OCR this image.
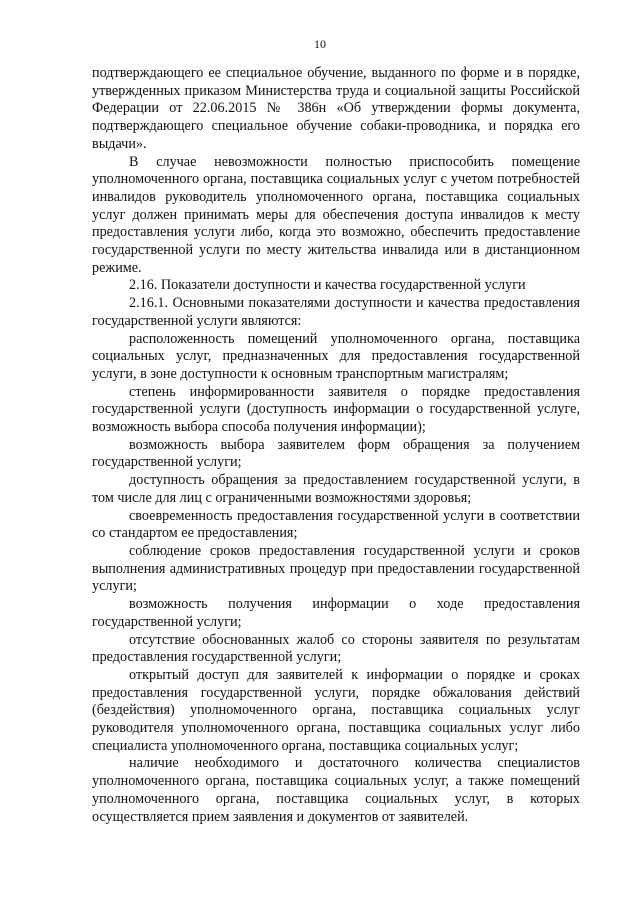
10

подтверждающего ее специальное обучение, выданного по форме и в порядке, утвержденных приказом Министерства труда и социальной защиты Российской Федерации от 22.06.2015 № 386н «Об утверждении формы документа, подтверждающего специальное обучение собаки-проводника, и порядка его выдачи».

В случае невозможности полностью приспособить помещение уполномоченного органа, поставщика социальных услуг с учетом потребностей инвалидов руководитель уполномоченного органа, поставщика социальных услуг должен принимать меры для обеспечения доступа инвалидов к месту предоставления услуги либо, когда это возможно, обеспечить предоставление государственной услуги по месту жительства инвалида или в дистанционном режиме.

2.16. Показатели доступности и качества государственной услуги

2.16.1. Основными показателями доступности и качества предоставления государственной услуги являются:

расположенность помещений уполномоченного органа, поставщика социальных услуг, предназначенных для предоставления государственной услуги, в зоне доступности к основным транспортным магистралям;

степень информированности заявителя о порядке предоставления государственной услуги (доступность информации о государственной услуге, возможность выбора способа получения информации);

возможность выбора заявителем форм обращения за получением государственной услуги;

доступность обращения за предоставлением государственной услуги, в том числе для лиц с ограниченными возможностями здоровья;

своевременность предоставления государственной услуги в соответствии со стандартом ее предоставления;

соблюдение сроков предоставления государственной услуги и сроков выполнения административных процедур при предоставлении государственной услуги;

возможность получения информации о ходе предоставления государственной услуги;

отсутствие обоснованных жалоб со стороны заявителя по результатам предоставления государственной услуги;

открытый доступ для заявителей к информации о порядке и сроках предоставления государственной услуги, порядке обжалования действий (бездействия) уполномоченного органа, поставщика социальных услуг руководителя уполномоченного органа, поставщика социальных услуг либо специалиста уполномоченного органа, поставщика социальных услуг;

наличие необходимого и достаточного количества специалистов уполномоченного органа, поставщика социальных услуг, а также помещений уполномоченного органа, поставщика социальных услуг, в которых осуществляется прием заявления и документов от заявителей.
